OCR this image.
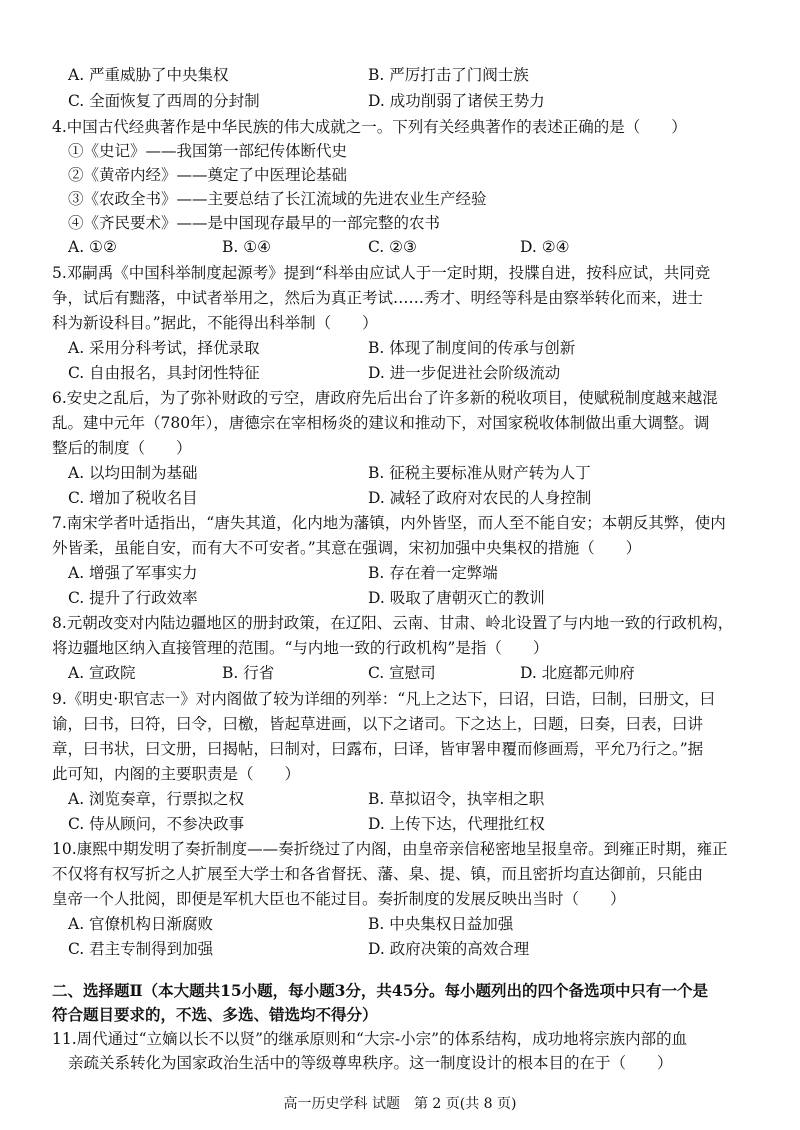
A. 严重威胁了中央集权	B. 严厉打击了门阀士族
C. 全面恢复了西周的分封制	D. 成功削弱了诸侯王势力
4.中国古代经典著作是中华民族的伟大成就之一。下列有关经典著作的表述正确的是（　　）
①《史记》——我国第一部纪传体断代史
②《黄帝内经》——奠定了中医理论基础
③《农政全书》——主要总结了长江流域的先进农业生产经验
④《齐民要术》——是中国现存最早的一部完整的农书
A. ①②	B. ①④	C. ②③	D. ②④
5.邓嗣禹《中国科举制度起源考》提到“科举由应试人于一定时期，投牒自进，按科应试，共同竞
争，试后有黜落，中试者举用之，然后为真正考试……秀才、明经等科是由察举转化而来，进士
科为新设科目。”据此，不能得出科举制（　　）
A. 采用分科考试，择优录取	B. 体现了制度间的传承与创新
C. 自由报名，具封闭性特征	D. 进一步促进社会阶级流动
6.安史之乱后，为了弥补财政的亏空，唐政府先后出台了许多新的税收项目，使赋税制度越来越混
乱。建中元年（780年），唐德宗在宰相杨炎的建议和推动下，对国家税收体制做出重大调整。调
整后的制度（　　）
A. 以均田制为基础	B. 征税主要标准从财产转为人丁
C. 增加了税收名目	D. 减轻了政府对农民的人身控制
7.南宋学者叶适指出，“唐失其道，化内地为藩镇，内外皆坚，而人至不能自安；本朝反其弊，使内
外皆柔，虽能自安，而有大不可安者。”其意在强调，宋初加强中央集权的措施（　　）
A. 增强了军事实力	B. 存在着一定弊端
C. 提升了行政效率	D. 吸取了唐朝灭亡的教训
8.元朝改变对内陆边疆地区的册封政策，在辽阳、云南、甘肃、岭北设置了与内地一致的行政机构，
将边疆地区纳入直接管理的范围。“与内地一致的行政机构”是指（　　）
A. 宣政院	B. 行省	C. 宣慰司	D. 北庭都元帅府
9.《明史·职官志一》对内阁做了较为详细的列举：“凡上之达下，曰诏，曰诰，曰制，曰册文，曰
谕，曰书，曰符，曰令，曰檄，皆起草进画，以下之诸司。下之达上，曰题，曰奏，曰表，曰讲
章，曰书状，曰文册，曰揭帖，曰制对，曰露布，曰译，皆审署申覆而修画焉，平允乃行之。”据
此可知，内阁的主要职责是（　　）
A. 浏览奏章，行票拟之权	B. 草拟诏令，执宰相之职
C. 侍从顾问，不参决政事	D. 上传下达，代理批红权
10.康熙中期发明了奏折制度——奏折绕过了内阁，由皇帝亲信秘密地呈报皇帝。到雍正时期，雍正
不仅将有权写折之人扩展至大学士和各省督抚、藩、臬、提、镇，而且密折均直达御前，只能由
皇帝一个人批阅，即便是军机大臣也不能过目。奏折制度的发展反映出当时（　　）
A. 官僚机构日渐腐败	B. 中央集权日益加强
C. 君主专制得到加强	D. 政府决策的高效合理
二、选择题Ⅱ（本大题共15小题，每小题3分，共45分。每小题列出的四个备选项中只有一个是
符合题目要求的，不选、多选、错选均不得分）
11.周代通过“立嫡以长不以贤”的继承原则和“大宗-小宗”的体系结构，成功地将宗族内部的血
亲疏关系转化为国家政治生活中的等级尊卑秩序。这一制度设计的根本目的在于（　　）
高一历史学科 试题　第 2 页(共 8 页)
